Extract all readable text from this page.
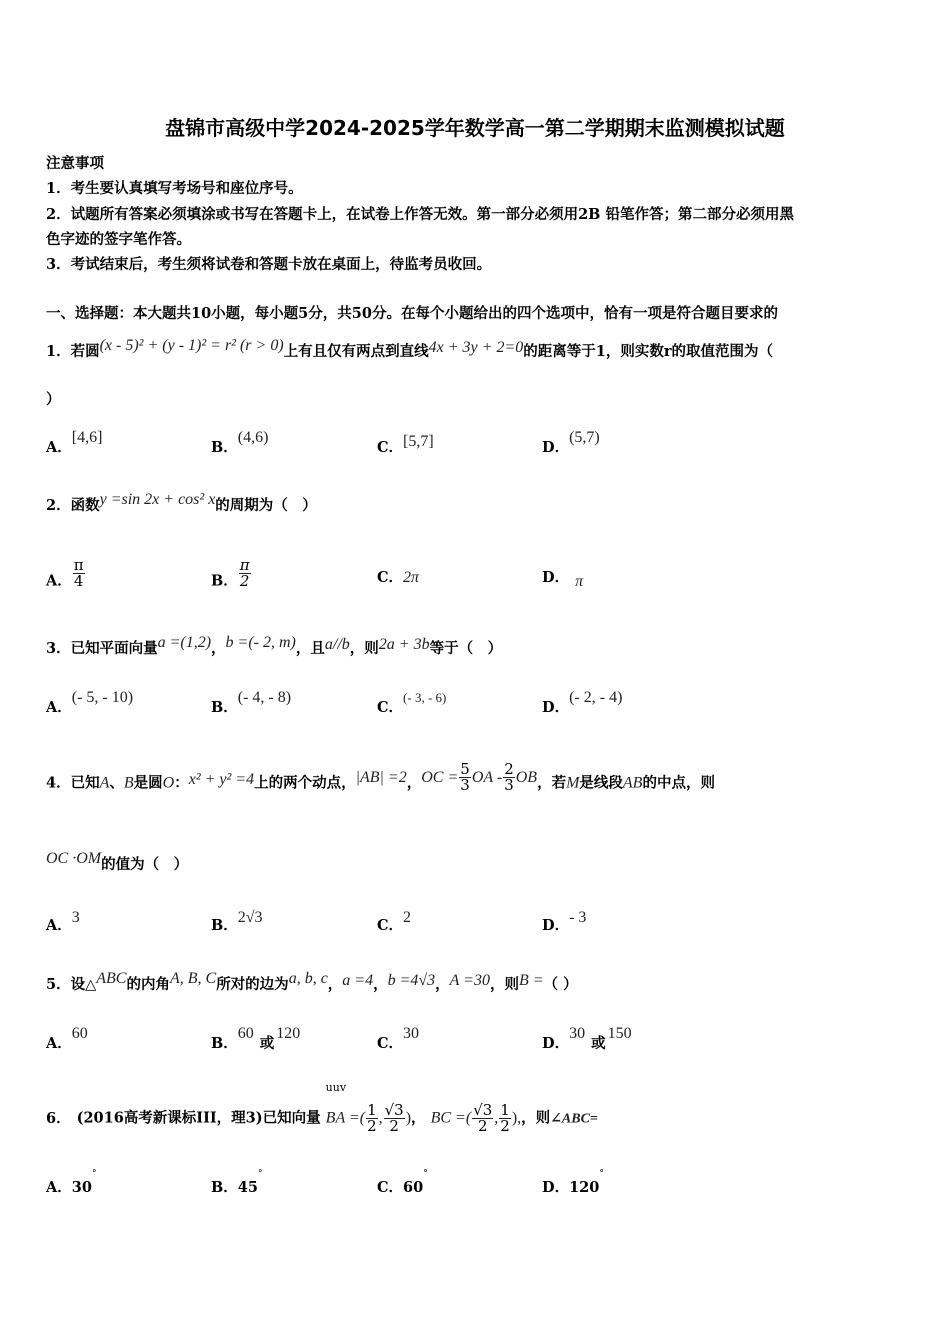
盘锦市高级中学2024-2025学年数学高一第二学期期末监测模拟试题
注意事项
1．考生要认真填写考场号和座位序号。
2．试题所有答案必须填涂或书写在答题卡上，在试卷上作答无效。第一部分必须用2B 铅笔作答；第二部分必须用黑
色字迹的签字笔作答。
3．考试结束后，考生须将试卷和答题卡放在桌面上，待监考员收回。
一、选择题：本大题共10小题，每小题5分，共50分。在每个小题给出的四个选项中，恰有一项是符合题目要求的
1．若圆(x - 5)² + (y - 1)² = r² (r > 0)上有且仅有两点到直线4x + 3y + 2=0的距离等于1，则实数r的取值范围为（
）
A．[4,6]
B．(4,6)
C．[5,7]	D．(5,7)
2．函数y =sin 2x + cos² x的周期为（　）
A． $\frac{\pi}{4}$	B． $\frac{\pi}{2}$	C．2π	D． π
3．已知平面向量a =(1,2)，b =(- 2, m)，且a//b，则2a + 3b等于（　）
A．(- 5, - 10)
B．(- 4, - 8)
C．(- 3, - 6)
D．(- 2, - 4)
4．已知A、B是圆O：x² + y² =4上的两个动点，|AB| =2，OC = $\frac{5}{3}$ OA - $\frac{2}{3}$ OB，若M是线段AB的中点，则
OC ·OM的值为（　）
A．3	B．2√3	C．2	D．- 3
5．设△ABC的内角A, B, C所对的边为a, b, c，a =4，b =4√3，A =30，则B =（ ）
A．60
B．60或120
C．30
D．30或150
6． (2016高考新课标III，理3)已知向量
uuv
BA =( $\frac{1}{2}$ , $\frac{√3}{2}$ )， BC =( $\frac{√3}{2}$ , $\frac{1}{2}$ ),，则∠ABC=
A．30°
B．45°
C．60°
D．120°
